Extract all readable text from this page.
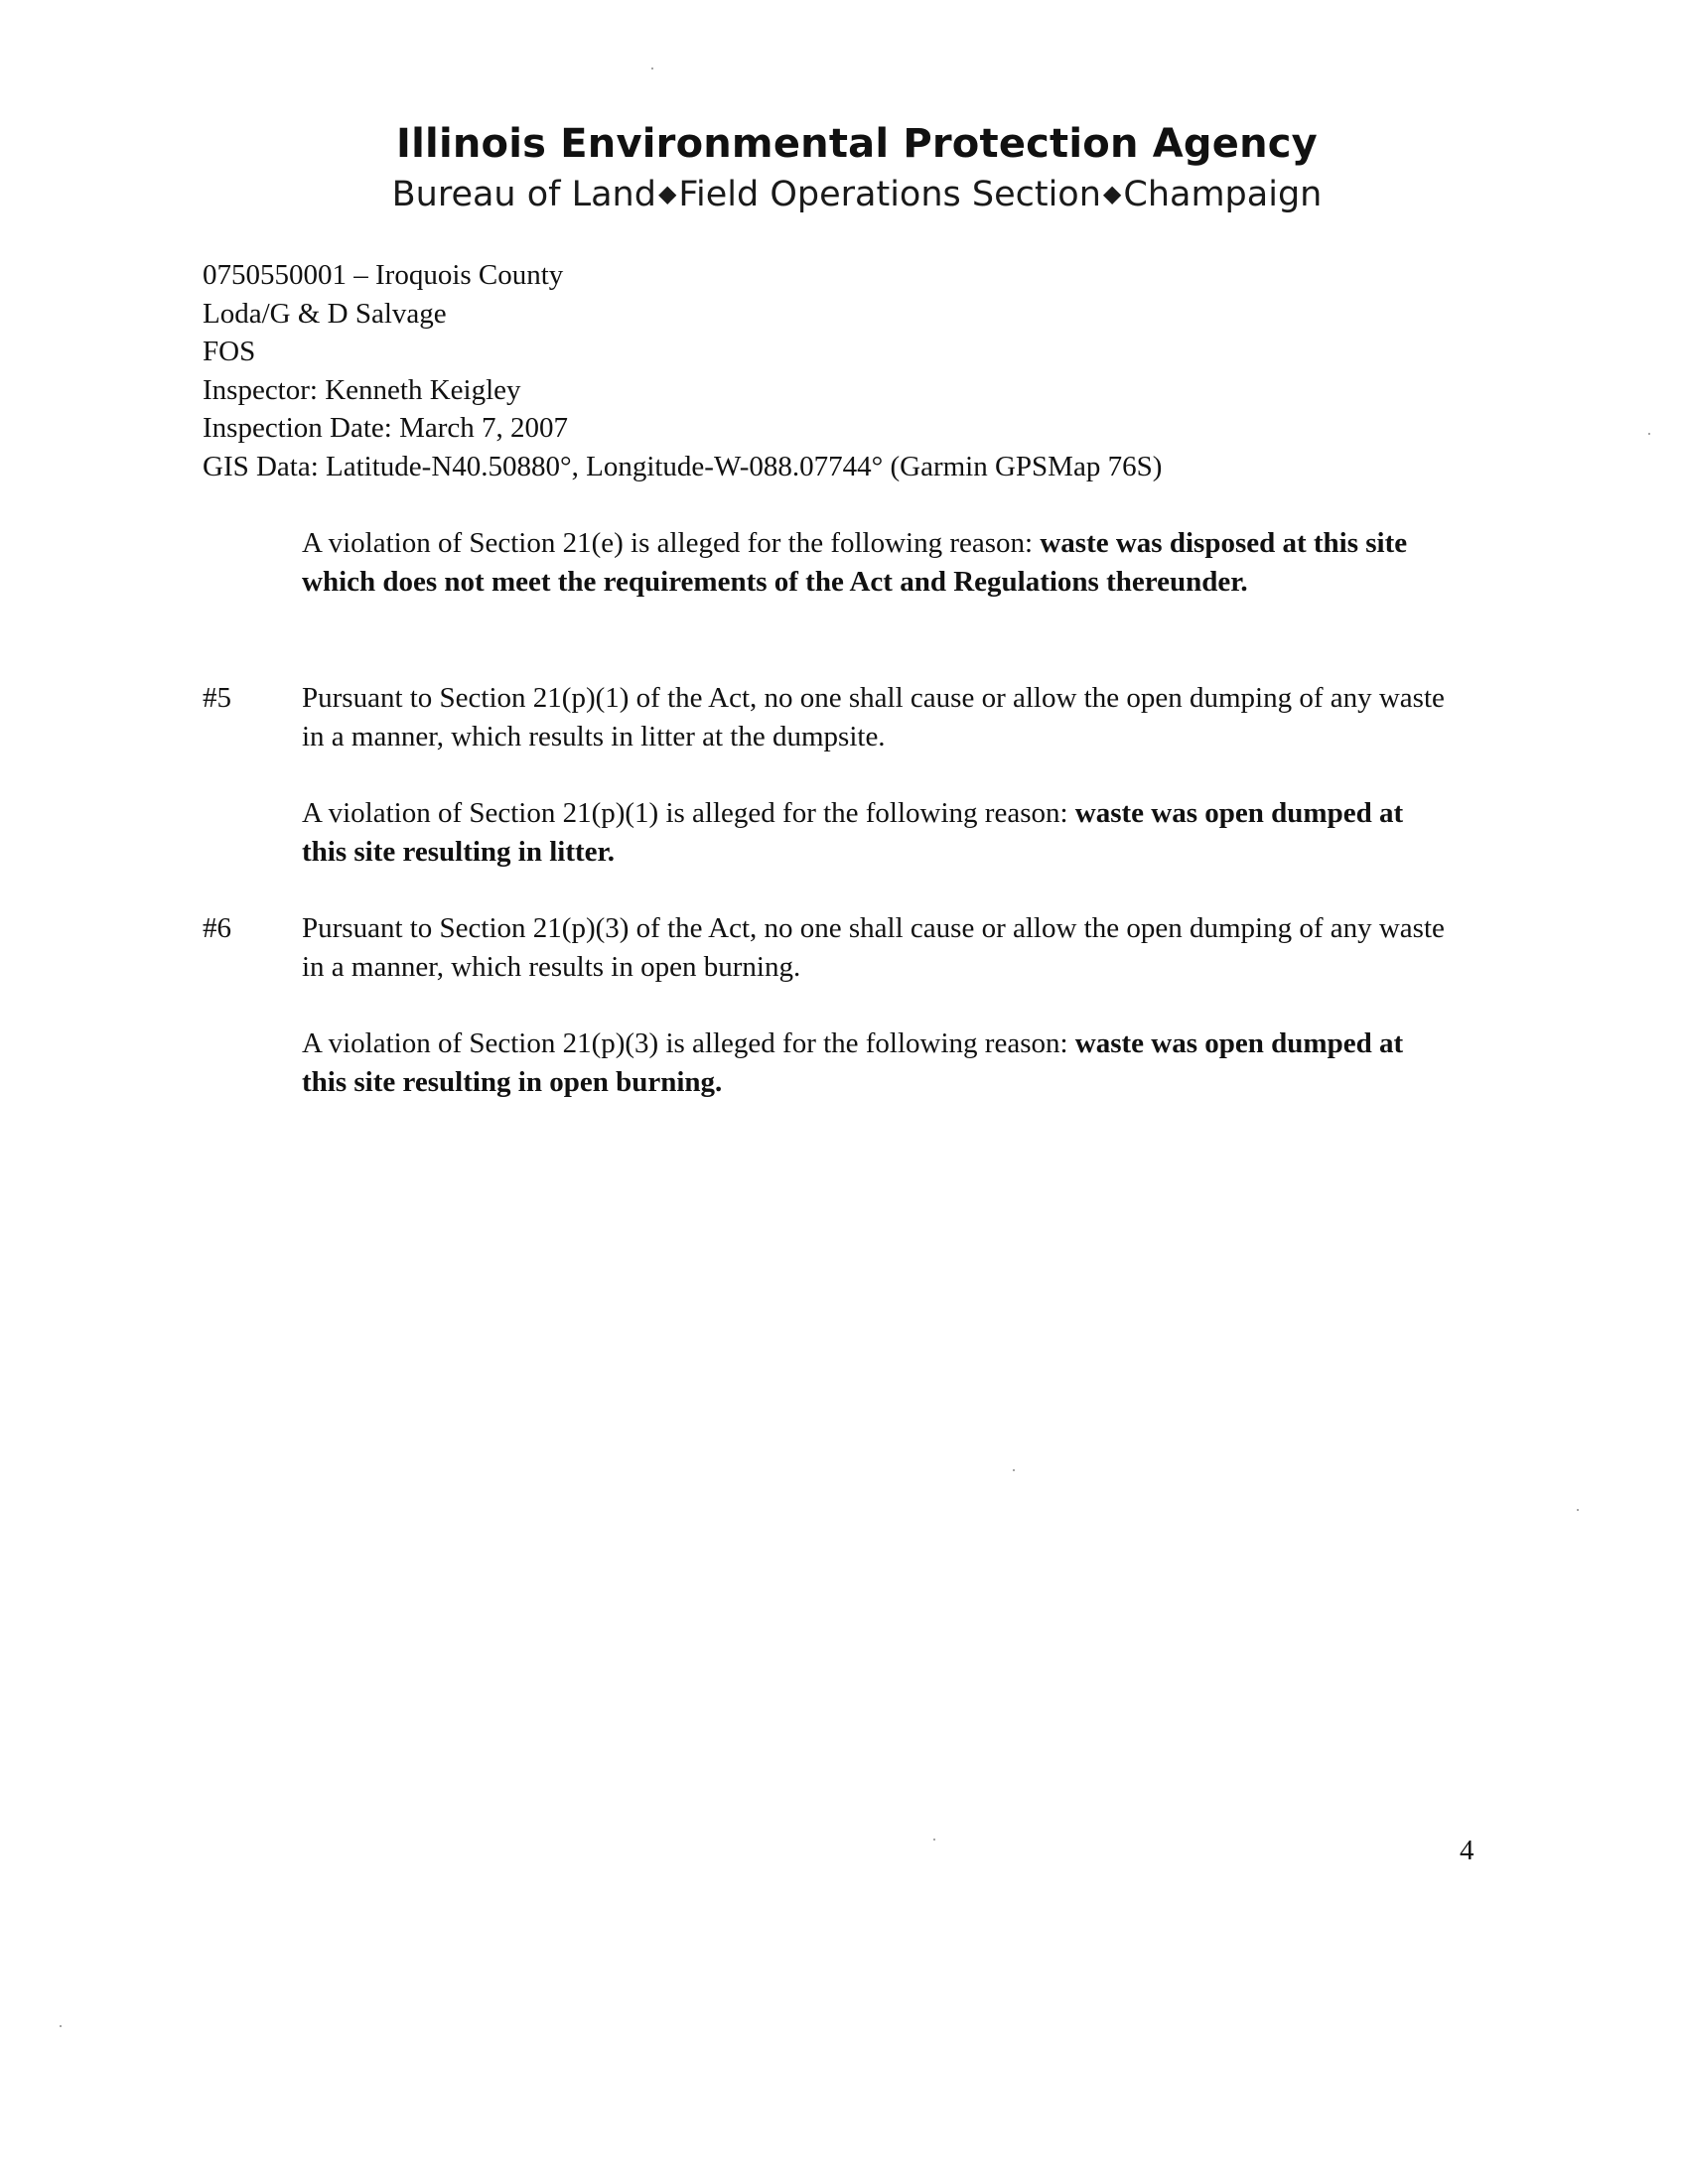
Illinois Environmental Protection Agency
Bureau of Land◆Field Operations Section◆Champaign
0750550001 – Iroquois County
Loda/G & D Salvage
FOS
Inspector: Kenneth Keigley
Inspection Date: March 7, 2007
GIS Data: Latitude-N40.50880°, Longitude-W-088.07744° (Garmin GPSMap 76S)
A violation of Section 21(e) is alleged for the following reason: waste was disposed at this site which does not meet the requirements of the Act and Regulations thereunder.
#5 Pursuant to Section 21(p)(1) of the Act, no one shall cause or allow the open dumping of any waste in a manner, which results in litter at the dumpsite.
A violation of Section 21(p)(1) is alleged for the following reason: waste was open dumped at this site resulting in litter.
#6 Pursuant to Section 21(p)(3) of the Act, no one shall cause or allow the open dumping of any waste in a manner, which results in open burning.
A violation of Section 21(p)(3) is alleged for the following reason: waste was open dumped at this site resulting in open burning.
4
